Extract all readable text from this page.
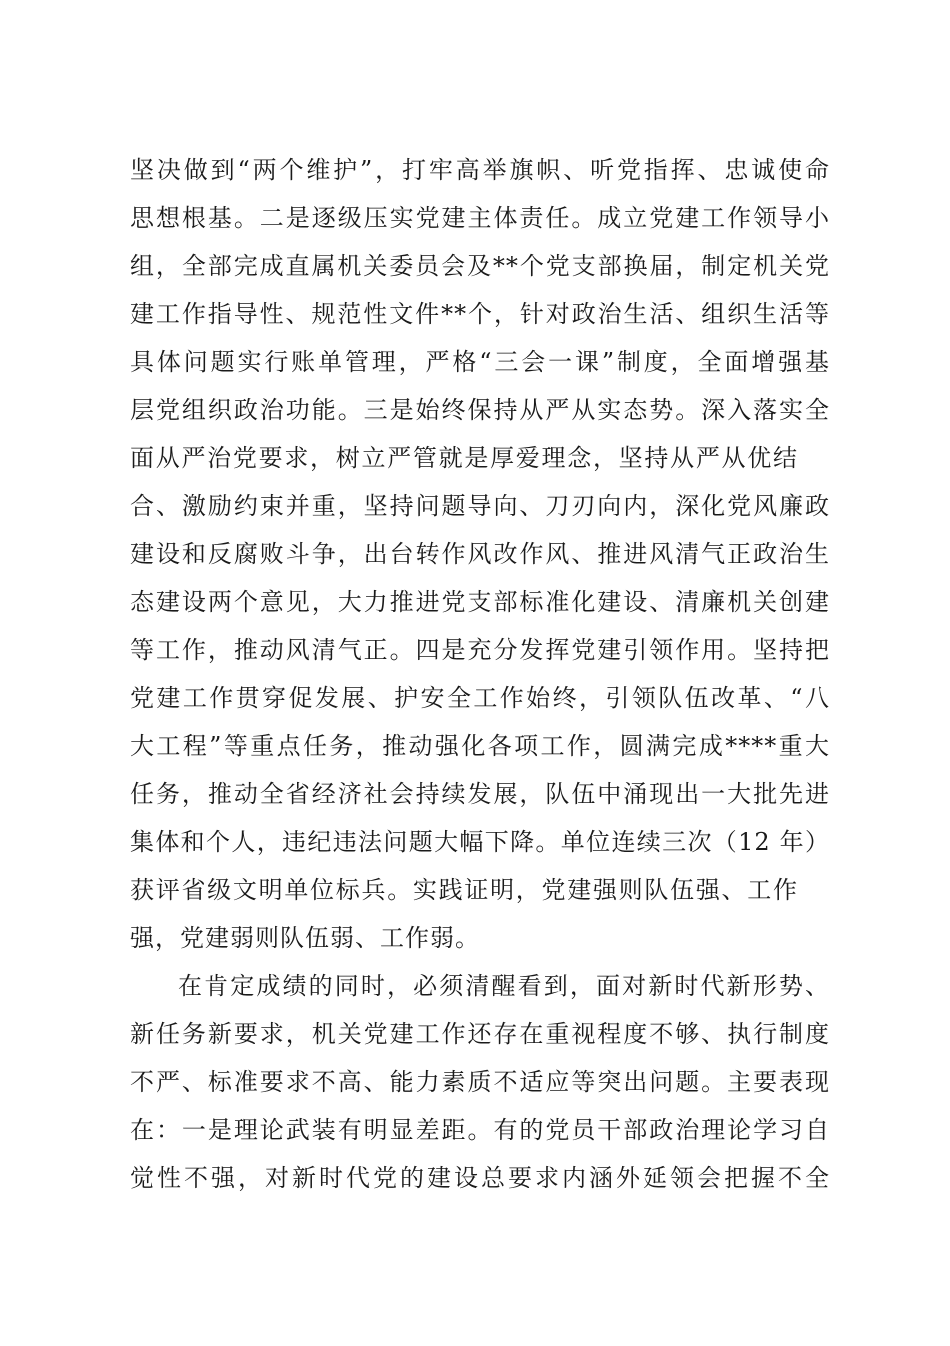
坚决做到“两个维护”，打牢高举旗帜、听党指挥、忠诚使命
思想根基。二是逐级压实党建主体责任。成立党建工作领导小
组，全部完成直属机关委员会及**个党支部换届，制定机关党
建工作指导性、规范性文件**个，针对政治生活、组织生活等
具体问题实行账单管理，严格“三会一课”制度，全面增强基
层党组织政治功能。三是始终保持从严从实态势。深入落实全
面从严治党要求，树立严管就是厚爱理念，坚持从严从优结
合、激励约束并重，坚持问题导向、刀刃向内，深化党风廉政
建设和反腐败斗争，出台转作风改作风、推进风清气正政治生
态建设两个意见，大力推进党支部标准化建设、清廉机关创建
等工作，推动风清气正。四是充分发挥党建引领作用。坚持把
党建工作贯穿促发展、护安全工作始终，引领队伍改革、“八
大工程”等重点任务，推动强化各项工作，圆满完成****重大
任务，推动全省经济社会持续发展，队伍中涌现出一大批先进
集体和个人，违纪违法问题大幅下降。单位连续三次（12 年）
获评省级文明单位标兵。实践证明，党建强则队伍强、工作
强，党建弱则队伍弱、工作弱。
在肯定成绩的同时，必须清醒看到，面对新时代新形势、
新任务新要求，机关党建工作还存在重视程度不够、执行制度
不严、标准要求不高、能力素质不适应等突出问题。主要表现
在：一是理论武装有明显差距。有的党员干部政治理论学习自
觉性不强，对新时代党的建设总要求内涵外延领会把握不全
